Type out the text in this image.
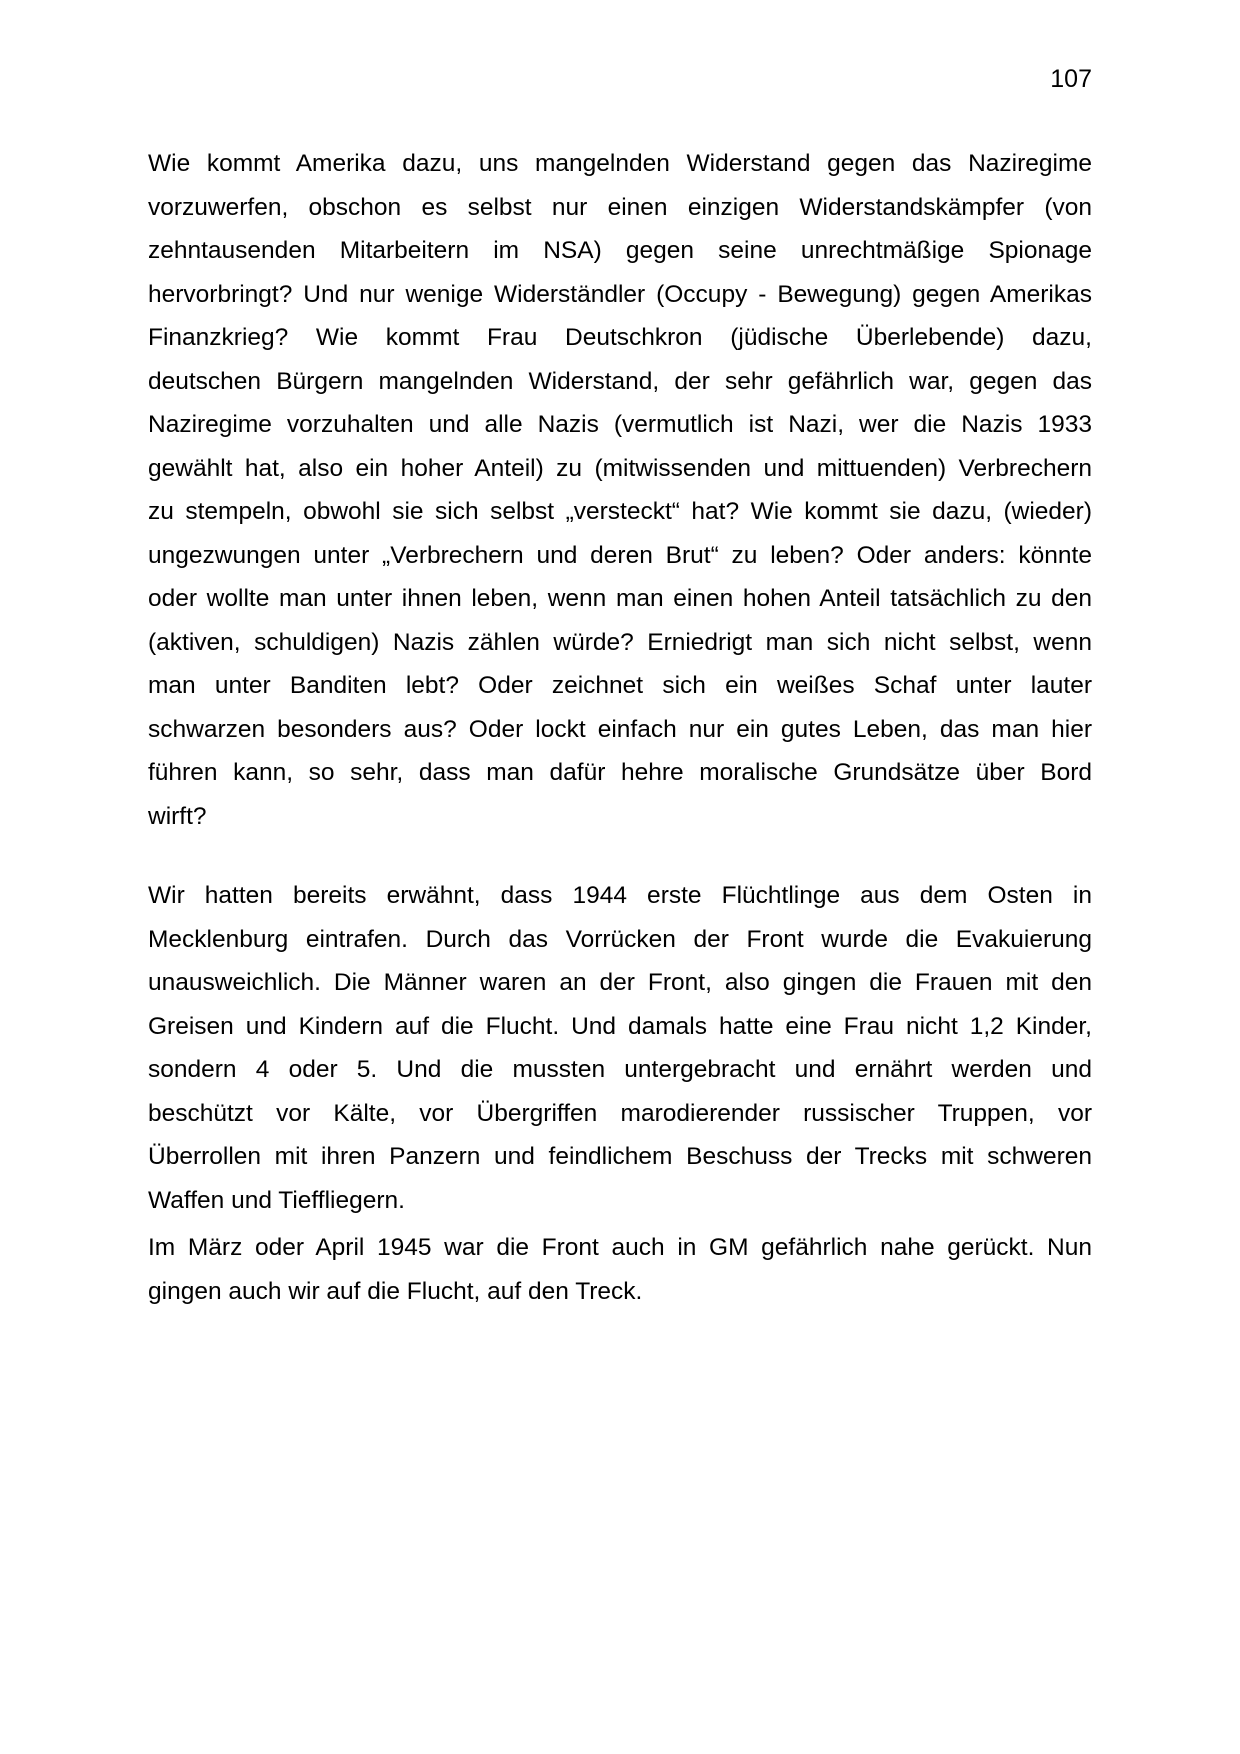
107
Wie kommt Amerika dazu, uns mangelnden Widerstand gegen das Naziregime
vorzuwerfen, obschon es selbst nur einen einzigen Widerstandskämpfer (von
zehntausenden Mitarbeitern im NSA) gegen seine unrechtmäßige Spionage
hervorbringt? Und nur wenige Widerständler (Occupy - Bewegung) gegen Amerikas
Finanzkrieg? Wie kommt Frau Deutschkron (jüdische Überlebende) dazu,
deutschen Bürgern mangelnden Widerstand, der sehr gefährlich war, gegen das
Naziregime vorzuhalten und alle Nazis (vermutlich ist Nazi, wer die Nazis 1933
gewählt hat, also ein hoher Anteil) zu (mitwissenden und mittuenden) Verbrechern
zu stempeln, obwohl sie sich selbst „versteckt“ hat? Wie kommt sie dazu, (wieder)
ungezwungen unter „Verbrechern und deren Brut“ zu leben? Oder anders: könnte
oder wollte man unter ihnen leben, wenn man einen hohen Anteil tatsächlich zu den
(aktiven, schuldigen) Nazis zählen würde? Erniedrigt man sich nicht selbst, wenn
man unter Banditen lebt? Oder zeichnet sich ein weißes Schaf unter lauter
schwarzen besonders aus? Oder lockt einfach nur ein gutes Leben, das man hier
führen kann, so sehr, dass man dafür hehre moralische Grundsätze über Bord
wirft?
Wir hatten bereits erwähnt, dass 1944 erste Flüchtlinge aus dem Osten in
Mecklenburg eintrafen. Durch das Vorrücken der Front wurde die Evakuierung
unausweichlich. Die Männer waren an der Front, also gingen die Frauen mit den
Greisen und Kindern auf die Flucht. Und damals hatte eine Frau nicht 1,2 Kinder,
sondern 4 oder 5. Und die mussten untergebracht und ernährt werden und
beschützt vor Kälte, vor Übergriffen marodierender russischer Truppen, vor
Überrollen mit ihren Panzern und feindlichem Beschuss der Trecks mit schweren
Waffen und Tieffliegern.
Im März oder April 1945 war die Front auch in GM gefährlich nahe gerückt. Nun
gingen auch wir auf die Flucht, auf den Treck.
